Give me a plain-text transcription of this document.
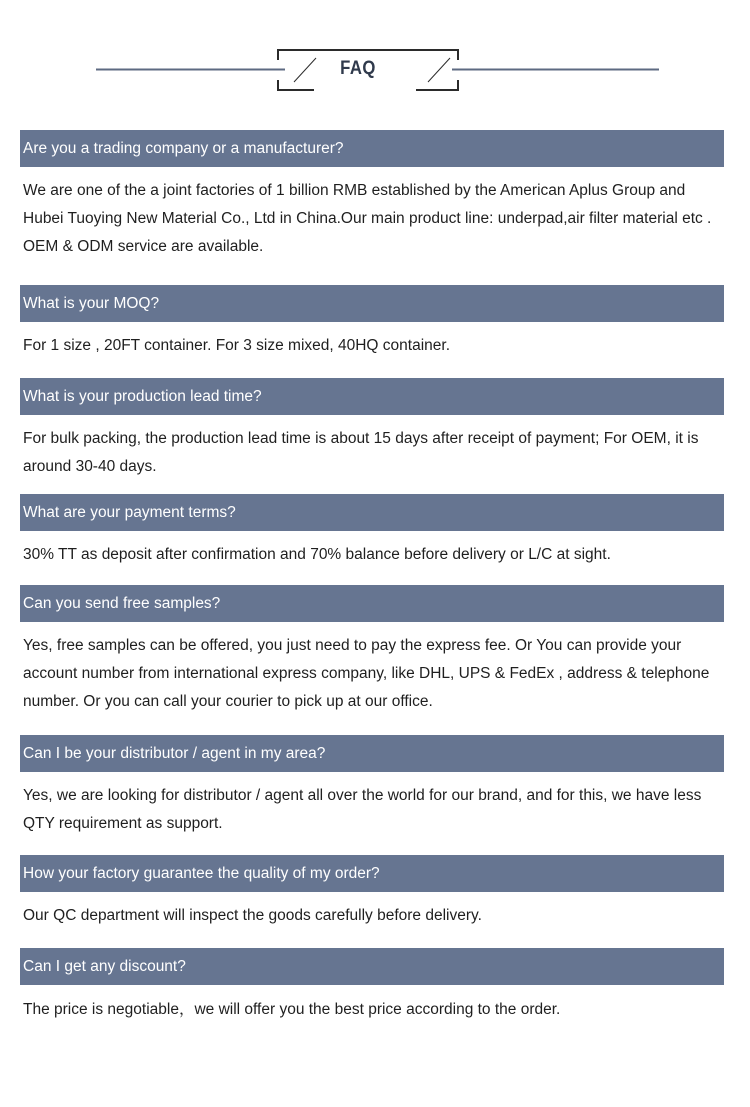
FAQ
Are you a trading company or a manufacturer?
We are one of the a joint factories of 1 billion RMB established by the American Aplus Group and Hubei Tuoying New Material Co., Ltd in China.Our main product line: underpad,air filter material etc . OEM & ODM service are available.
What is your MOQ?
For 1 size , 20FT container. For 3 size mixed, 40HQ container.
What is your production lead time?
For bulk packing, the production lead time is about 15 days after receipt of payment; For OEM, it is around 30-40 days.
What are your payment terms?
30% TT as deposit after confirmation and 70% balance before delivery or L/C at sight.
Can you send free samples?
Yes, free samples can be offered, you just need to pay the express fee. Or You can provide your account number from international express company, like DHL, UPS & FedEx , address & telephone number. Or you can call your courier to pick up at our office.
Can I be your distributor / agent in my area?
Yes, we are looking for distributor / agent all over the world for our brand, and for this, we have less QTY requirement as support.
How your factory guarantee the quality of my order?
Our QC department will inspect the goods carefully before delivery.
Can I get any discount?
The price is negotiable，we will offer you the best price according to the order.
